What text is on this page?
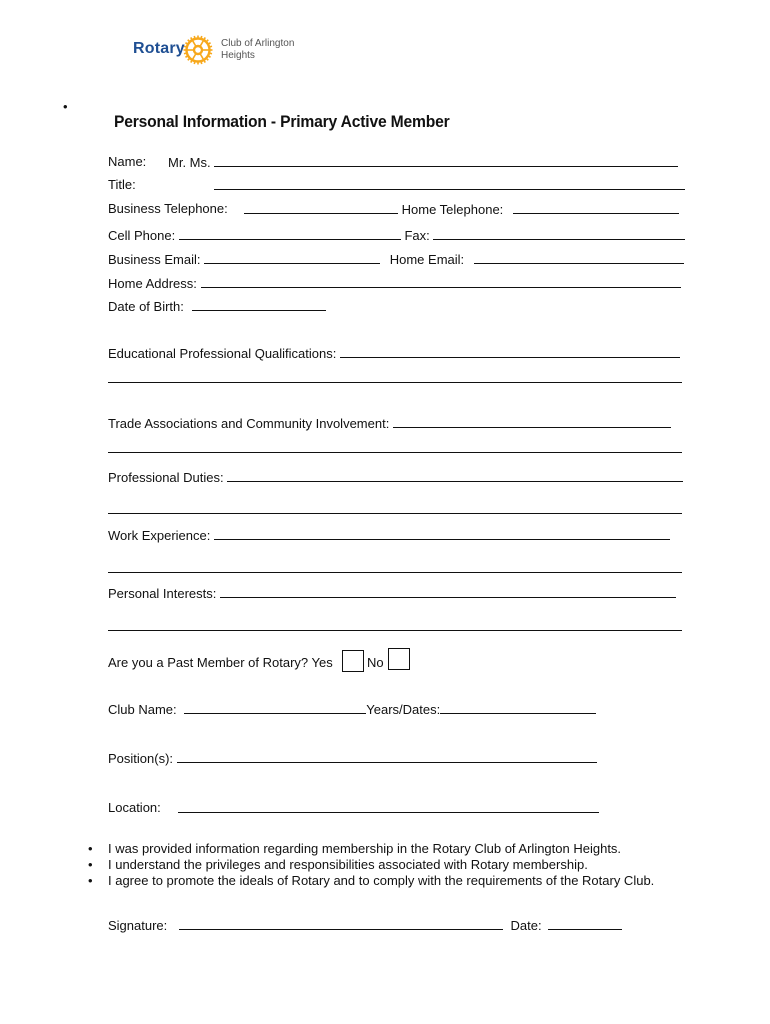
Rotary	Club of Arlington
Heights
•
Personal Information - Primary Active Member
Name: Mr. Ms.
Title:
Business Telephone:	Home Telephone:
Cell Phone:	Fax:
Business Email:	Home Email:
Home Address:
Date of Birth:
Educational Professional Qualifications:
Trade Associations and Community Involvement:
Professional Duties:
Work Experience:
Personal Interests:
Are you a Past Member of Rotary? Yes	No
Club Name:	Years/Dates:
Position(s):
Location:
• I was provided information regarding membership in the Rotary Club of Arlington Heights.
• I understand the privileges and responsibilities associated with Rotary membership.
• I agree to promote the ideals of Rotary and to comply with the requirements of the Rotary Club.
Signature:	Date:
